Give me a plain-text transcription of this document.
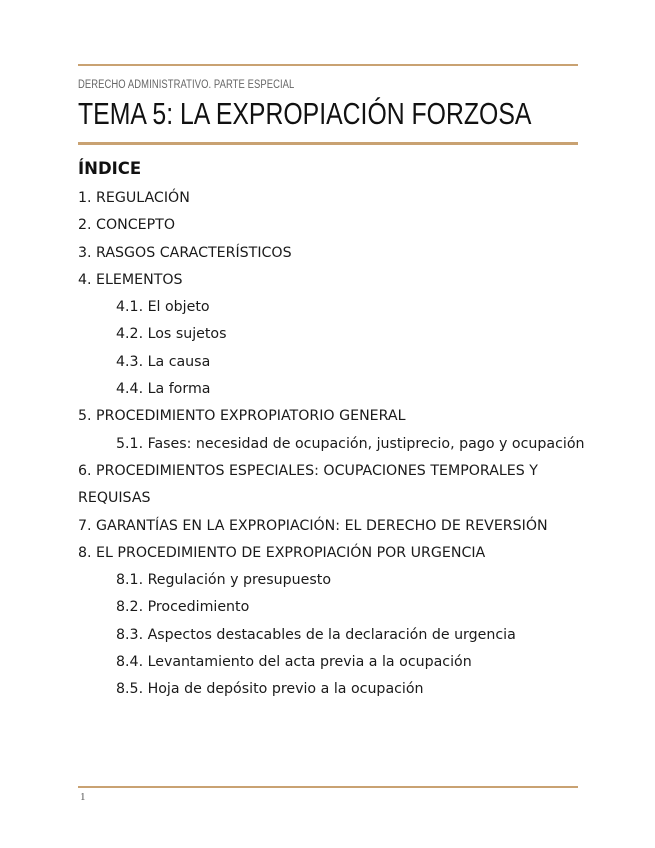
DERECHO ADMINISTRATIVO. PARTE ESPECIAL
TEMA 5: LA EXPROPIACIÓN FORZOSA
ÍNDICE
1. REGULACIÓN
2. CONCEPTO
3. RASGOS CARACTERÍSTICOS
4. ELEMENTOS
4.1. El objeto
4.2. Los sujetos
4.3. La causa
4.4. La forma
5. PROCEDIMIENTO EXPROPIATORIO GENERAL
5.1. Fases: necesidad de ocupación, justiprecio, pago y ocupación
6. PROCEDIMIENTOS ESPECIALES: OCUPACIONES TEMPORALES Y REQUISAS
7. GARANTÍAS EN LA EXPROPIACIÓN: EL DERECHO DE REVERSIÓN
8. EL PROCEDIMIENTO DE EXPROPIACIÓN POR URGENCIA
8.1. Regulación y presupuesto
8.2. Procedimiento
8.3. Aspectos destacables de la declaración de urgencia
8.4. Levantamiento del acta previa a la ocupación
8.5. Hoja de depósito previo a la ocupación
1
